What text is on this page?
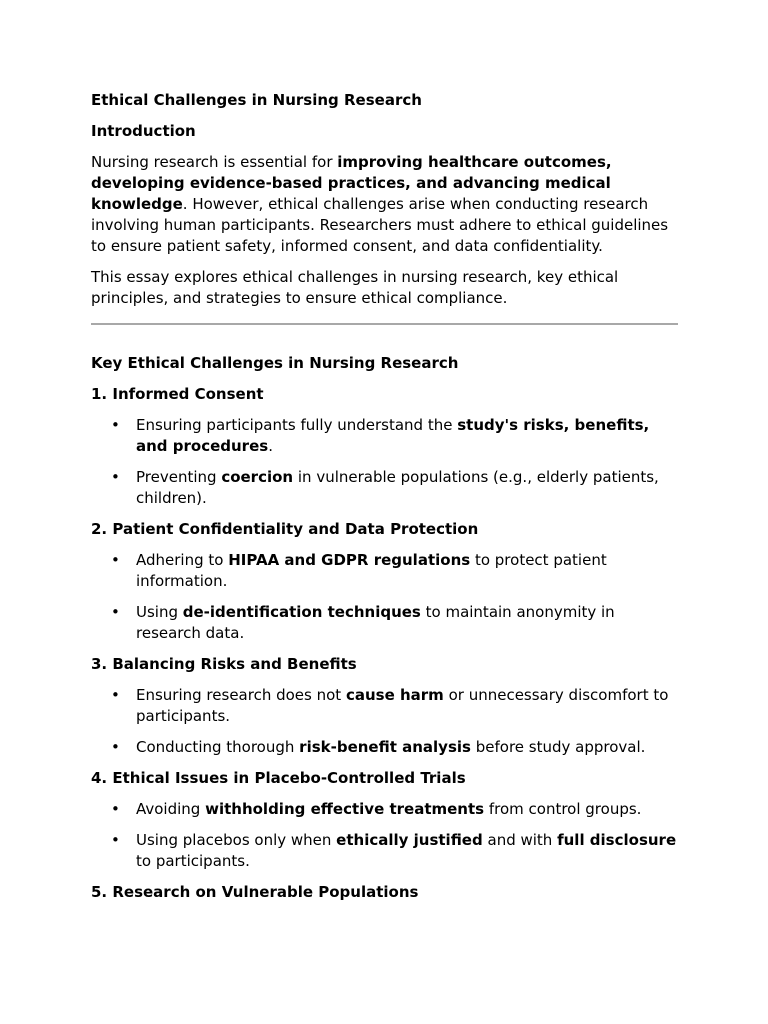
Ethical Challenges in Nursing Research

Introduction

Nursing research is essential for improving healthcare outcomes, developing evidence-based practices, and advancing medical knowledge. However, ethical challenges arise when conducting research involving human participants. Researchers must adhere to ethical guidelines to ensure patient safety, informed consent, and data confidentiality.

This essay explores ethical challenges in nursing research, key ethical principles, and strategies to ensure ethical compliance.

Key Ethical Challenges in Nursing Research

1. Informed Consent

• Ensuring participants fully understand the study's risks, benefits, and procedures.
• Preventing coercion in vulnerable populations (e.g., elderly patients, children).

2. Patient Confidentiality and Data Protection

• Adhering to HIPAA and GDPR regulations to protect patient information.
• Using de-identification techniques to maintain anonymity in research data.

3. Balancing Risks and Benefits

• Ensuring research does not cause harm or unnecessary discomfort to participants.
• Conducting thorough risk-benefit analysis before study approval.

4. Ethical Issues in Placebo-Controlled Trials

• Avoiding withholding effective treatments from control groups.
• Using placebos only when ethically justified and with full disclosure to participants.

5. Research on Vulnerable Populations
